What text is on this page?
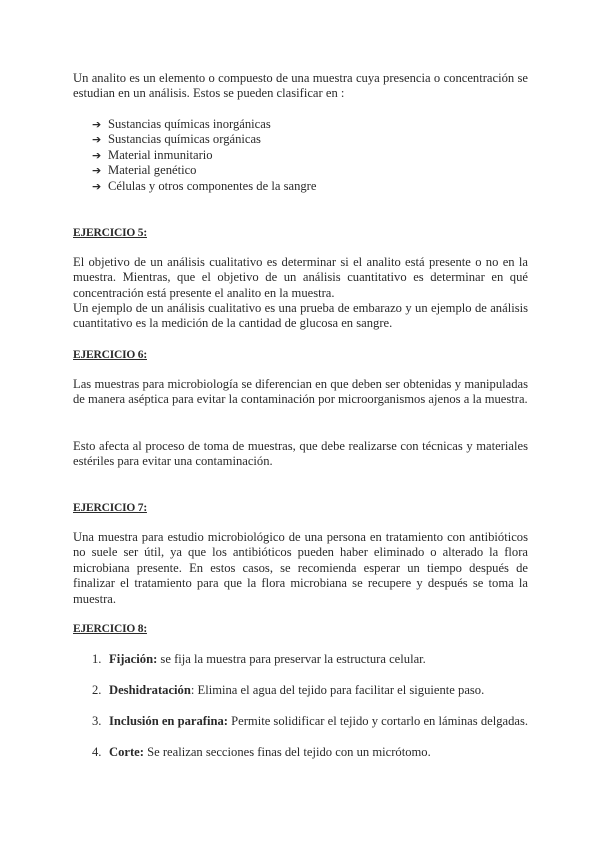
Un analito es un elemento o compuesto de una muestra cuya presencia o concentración se estudian en un análisis. Estos se pueden clasificar en :

➔ Sustancias químicas inorgánicas
➔ Sustancias químicas orgánicas
➔ Material inmunitario
➔ Material genético
➔ Células y otros componentes de la sangre

EJERCICIO 5:

El objetivo de un análisis cualitativo es determinar si el analito está presente o no en la muestra. Mientras, que el objetivo de un análisis cuantitativo es determinar en qué concentración está presente el analito en la muestra.

Un ejemplo de un análisis cualitativo es una prueba de embarazo y un ejemplo de análisis cuantitativo es la medición de la cantidad de glucosa en sangre.

EJERCICIO 6:

Las muestras para microbiología se diferencian en que deben ser obtenidas y manipuladas de manera aséptica para evitar la contaminación por microorganismos ajenos a la muestra.

Esto afecta al proceso de toma de muestras, que debe realizarse con técnicas y materiales estériles para evitar una contaminación.

EJERCICIO 7:

Una muestra para estudio microbiológico de una persona en tratamiento con antibióticos no suele ser útil, ya que los antibióticos pueden haber eliminado o alterado la flora microbiana presente. En estos casos, se recomienda esperar un tiempo después de finalizar el tratamiento para que la flora microbiana se recupere y después se toma la muestra.

EJERCICIO 8:

1. Fijación: se fija la muestra para preservar la estructura celular.
2. Deshidratación: Elimina el agua del tejido para facilitar el siguiente paso.
3. Inclusión en parafina: Permite solidificar el tejido y cortarlo en láminas delgadas.
4. Corte: Se realizan secciones finas del tejido con un micrótomo.
